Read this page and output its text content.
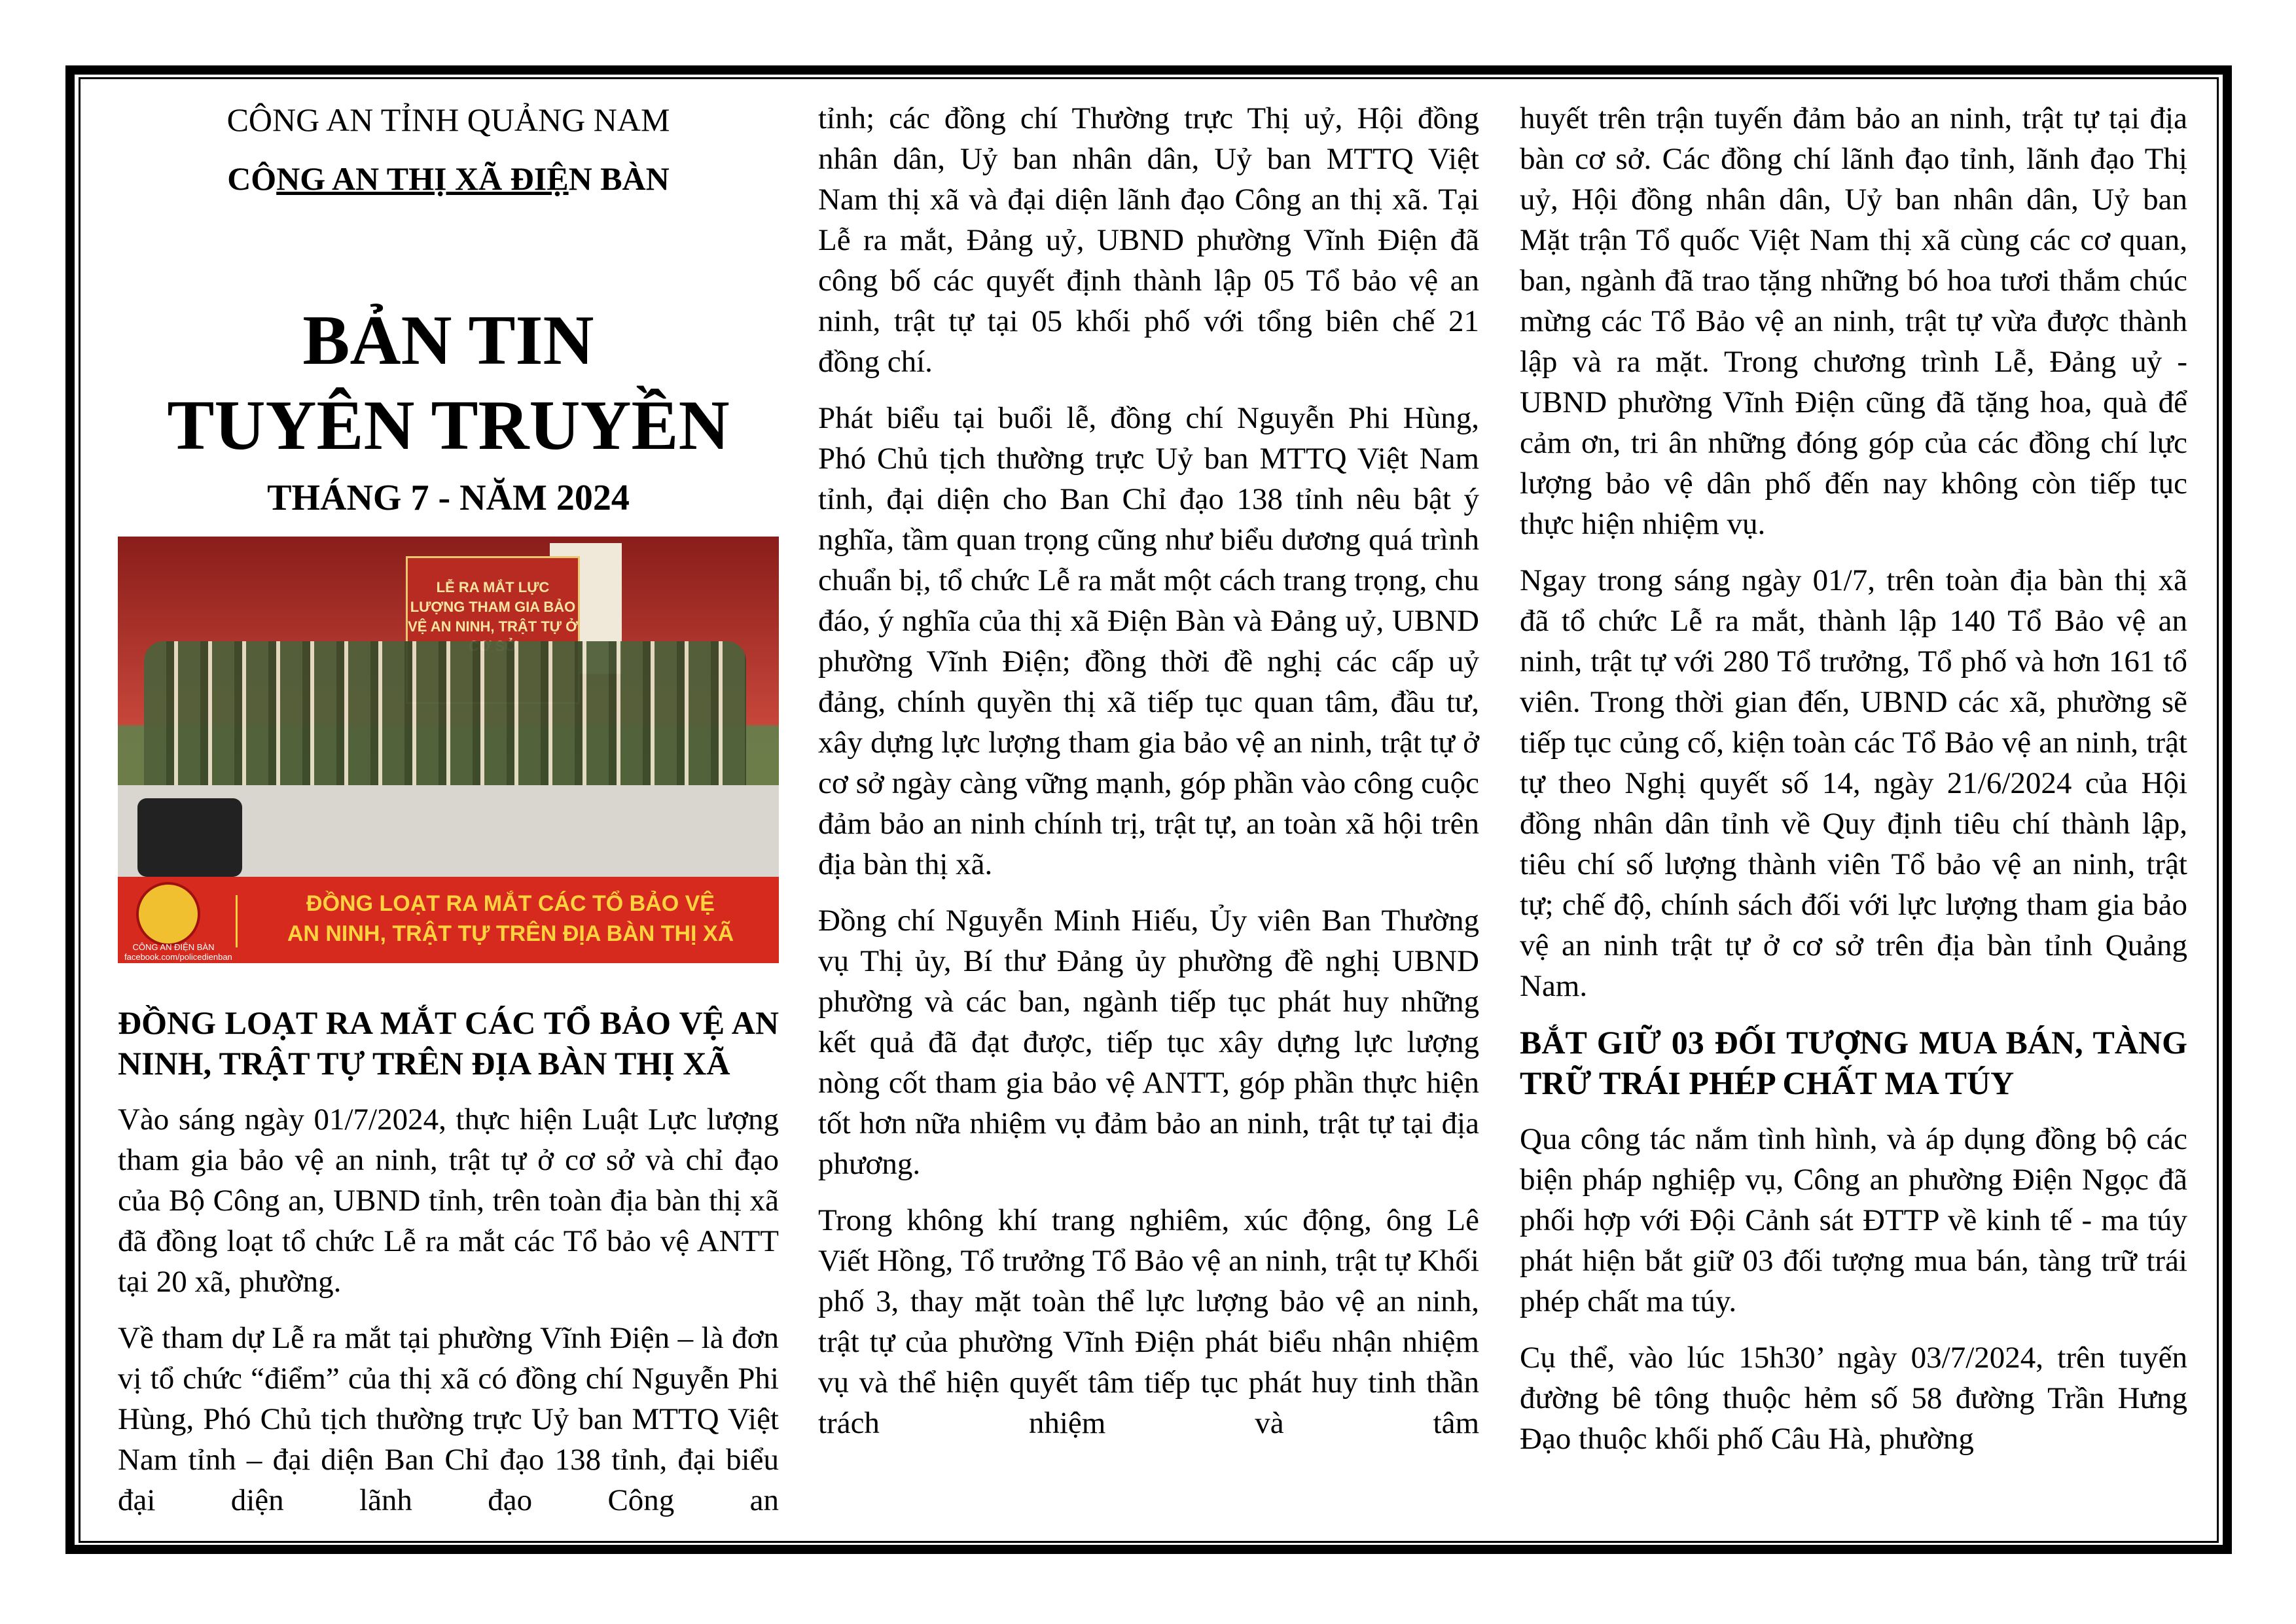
CÔNG AN TỈNH QUẢNG NAM

CÔNG AN THỊ XÃ ĐIỆN BÀN

BẢN TIN
TUYÊN TRUYỀN
THÁNG 7 - NĂM 2024
LỄ RA MẮT LỰC LƯỢNG THAM GIA BẢO VỆ AN NINH, TRẬT TỰ Ở
CÔNG AN ĐIỆN BÀN facebook.com/policedienban
ĐỒNG LOẠT RA MẮT CÁC TỔ BẢO VỆ
AN NINH, TRẬT TỰ TRÊN ĐỊA BÀN THỊ XÃ
ĐỒNG LOẠT RA MẮT CÁC TỔ BẢO VỆ AN NINH, TRẬT TỰ TRÊN ĐỊA BÀN THỊ XÃ

Vào sáng ngày 01/7/2024, thực hiện Luật Lực lượng tham gia bảo vệ an ninh, trật tự ở cơ sở và chỉ đạo của Bộ Công an, UBND tỉnh, trên toàn địa bàn thị xã đã đồng loạt tổ chức Lễ ra mắt các Tổ bảo vệ ANTT tại 20 xã, phường.

Về tham dự Lễ ra mắt tại phường Vĩnh Điện – là đơn vị tổ chức “điểm” của thị xã có đồng chí Nguyễn Phi Hùng, Phó Chủ tịch thường trực Uỷ ban MTTQ Việt Nam tỉnh – đại diện Ban Chỉ đạo 138 tỉnh, đại biểu đại diện lãnh đạo Công an

tỉnh; các đồng chí Thường trực Thị uỷ, Hội đồng nhân dân, Uỷ ban nhân dân, Uỷ ban MTTQ Việt Nam thị xã và đại diện lãnh đạo Công an thị xã. Tại Lễ ra mắt, Đảng uỷ, UBND phường Vĩnh Điện đã công bố các quyết định thành lập 05 Tổ bảo vệ an ninh, trật tự tại 05 khối phố với tổng biên chế 21 đồng chí.

Phát biểu tại buổi lễ, đồng chí Nguyễn Phi Hùng, Phó Chủ tịch thường trực Uỷ ban MTTQ Việt Nam tỉnh, đại diện cho Ban Chỉ đạo 138 tỉnh nêu bật ý nghĩa, tầm quan trọng cũng như biểu dương quá trình chuẩn bị, tổ chức Lễ ra mắt một cách trang trọng, chu đáo, ý nghĩa của thị xã Điện Bàn và Đảng uỷ, UBND phường Vĩnh Điện; đồng thời đề nghị các cấp uỷ đảng, chính quyền thị xã tiếp tục quan tâm, đầu tư, xây dựng lực lượng tham gia bảo vệ an ninh, trật tự ở cơ sở ngày càng vững mạnh, góp phần vào công cuộc đảm bảo an ninh chính trị, trật tự, an toàn xã hội trên địa bàn thị xã.

Đồng chí Nguyễn Minh Hiếu, Ủy viên Ban Thường vụ Thị ủy, Bí thư Đảng ủy phường đề nghị UBND phường và các ban, ngành tiếp tục phát huy những kết quả đã đạt được, tiếp tục xây dựng lực lượng nòng cốt tham gia bảo vệ ANTT, góp phần thực hiện tốt hơn nữa nhiệm vụ đảm bảo an ninh, trật tự tại địa phương.

Trong không khí trang nghiêm, xúc động, ông Lê Viết Hồng, Tổ trưởng Tổ Bảo vệ an ninh, trật tự Khối phố 3, thay mặt toàn thể lực lượng bảo vệ an ninh, trật tự của phường Vĩnh Điện phát biểu nhận nhiệm vụ và thể hiện quyết tâm tiếp tục phát huy tinh thần trách nhiệm và tâm

huyết trên trận tuyến đảm bảo an ninh, trật tự tại địa bàn cơ sở. Các đồng chí lãnh đạo tỉnh, lãnh đạo Thị uỷ, Hội đồng nhân dân, Uỷ ban nhân dân, Uỷ ban Mặt trận Tổ quốc Việt Nam thị xã cùng các cơ quan, ban, ngành đã trao tặng những bó hoa tươi thắm chúc mừng các Tổ Bảo vệ an ninh, trật tự vừa được thành lập và ra mặt. Trong chương trình Lễ, Đảng uỷ - UBND phường Vĩnh Điện cũng đã tặng hoa, quà để cảm ơn, tri ân những đóng góp của các đồng chí lực lượng bảo vệ dân phố đến nay không còn tiếp tục thực hiện nhiệm vụ.

Ngay trong sáng ngày 01/7, trên toàn địa bàn thị xã đã tổ chức Lễ ra mắt, thành lập 140 Tổ Bảo vệ an ninh, trật tự với 280 Tổ trưởng, Tổ phố và hơn 161 tổ viên. Trong thời gian đến, UBND các xã, phường sẽ tiếp tục củng cố, kiện toàn các Tổ Bảo vệ an ninh, trật tự theo Nghị quyết số 14, ngày 21/6/2024 của Hội đồng nhân dân tỉnh về Quy định tiêu chí thành lập, tiêu chí số lượng thành viên Tổ bảo vệ an ninh, trật tự; chế độ, chính sách đối với lực lượng tham gia bảo vệ an ninh trật tự ở cơ sở trên địa bàn tỉnh Quảng Nam.

BẮT GIỮ 03 ĐỐI TƯỢNG MUA BÁN, TÀNG TRỮ TRÁI PHÉP CHẤT MA TÚY

Qua công tác nắm tình hình, và áp dụng đồng bộ các biện pháp nghiệp vụ, Công an phường Điện Ngọc đã phối hợp với Đội Cảnh sát ĐTTP về kinh tế - ma túy phát hiện bắt giữ 03 đối tượng mua bán, tàng trữ trái phép chất ma túy.

Cụ thể, vào lúc 15h30’ ngày 03/7/2024, trên tuyến đường bê tông thuộc hẻm số 58 đường Trần Hưng Đạo thuộc khối phố Câu Hà, phường
